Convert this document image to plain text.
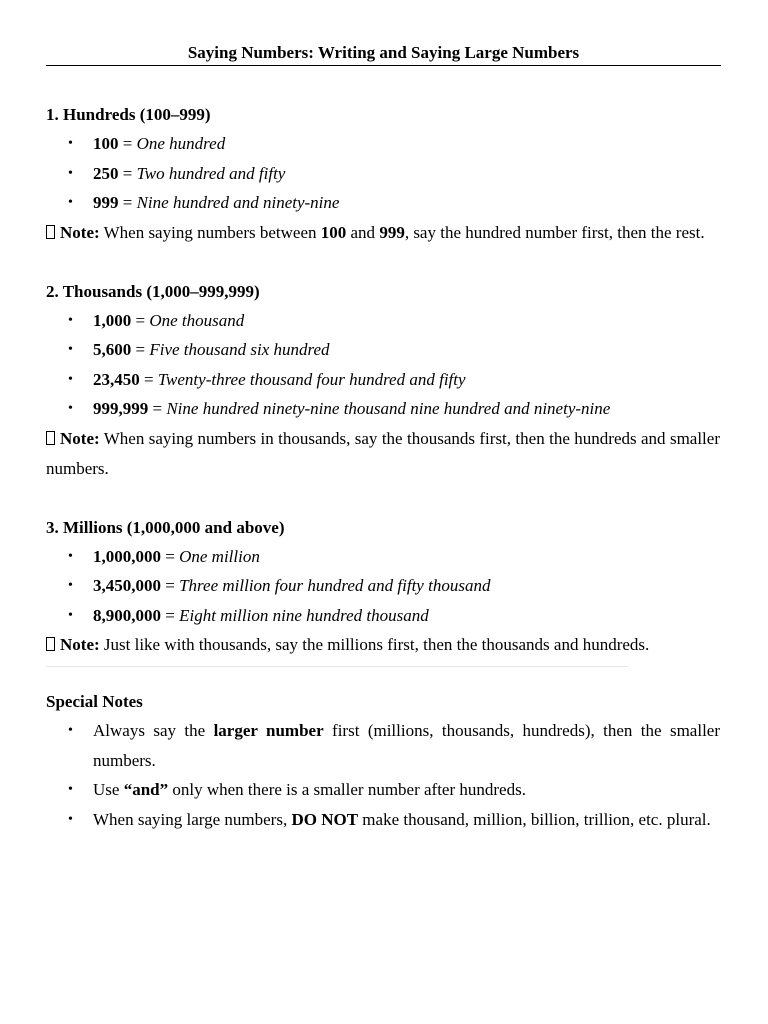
Saying Numbers: Writing and Saying Large Numbers
1. Hundreds (100–999)
• 100 = One hundred
• 250 = Two hundred and fifty
• 999 = Nine hundred and ninety-nine
Note: When saying numbers between 100 and 999, say the hundred number first, then the rest.
2. Thousands (1,000–999,999)
• 1,000 = One thousand
• 5,600 = Five thousand six hundred
• 23,450 = Twenty-three thousand four hundred and fifty
• 999,999 = Nine hundred ninety-nine thousand nine hundred and ninety-nine
Note: When saying numbers in thousands, say the thousands first, then the hundreds and smaller numbers.
3. Millions (1,000,000 and above)
• 1,000,000 = One million
• 3,450,000 = Three million four hundred and fifty thousand
• 8,900,000 = Eight million nine hundred thousand
Note: Just like with thousands, say the millions first, then the thousands and hundreds.
Special Notes
• Always say the larger number first (millions, thousands, hundreds), then the smaller numbers.
• Use “and” only when there is a smaller number after hundreds.
• When saying large numbers, DO NOT make thousand, million, billion, trillion, etc. plural.
